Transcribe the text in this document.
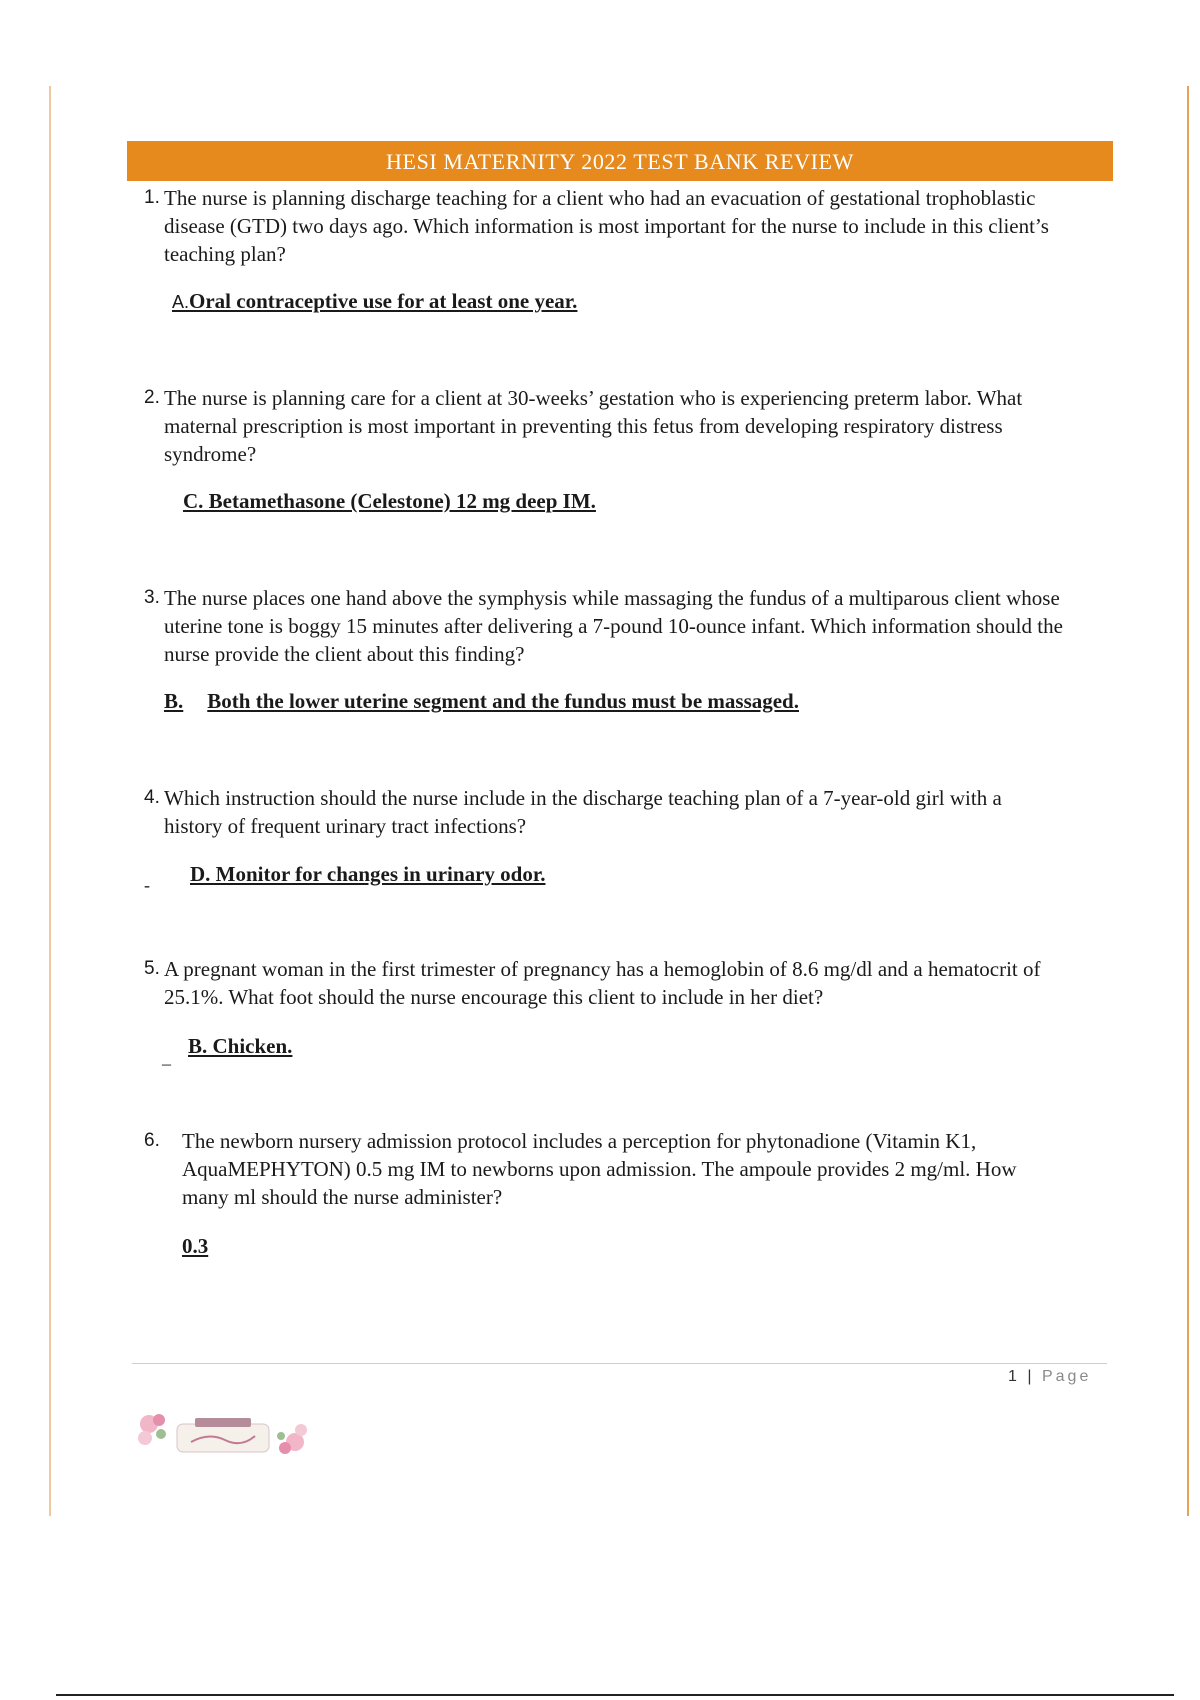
HESI MATERNITY 2022 TEST BANK REVIEW
1. The nurse is planning discharge teaching for a client who had an evacuation of gestational trophoblastic disease (GTD) two days ago. Which information is most important for the nurse to include in this client’s teaching plan?
A.Oral contraceptive use for at least one year.
2. The nurse is planning care for a client at 30-weeks’ gestation who is experiencing preterm labor. What maternal prescription is most important in preventing this fetus from developing respiratory distress syndrome?
C. Betamethasone (Celestone) 12 mg deep IM.
3. The nurse places one hand above the symphysis while massaging the fundus of a multiparous client whose uterine tone is boggy 15 minutes after delivering a 7-pound 10-ounce infant. Which information should the nurse provide the client about this finding?
B. Both the lower uterine segment and the fundus must be massaged.
4. Which instruction should the nurse include in the discharge teaching plan of a 7-year-old girl with a history of frequent urinary tract infections?
- D. Monitor for changes in urinary odor.
5. A pregnant woman in the first trimester of pregnancy has a hemoglobin of 8.6 mg/dl and a hematocrit of 25.1%. What foot should the nurse encourage this client to include in her diet?
_ B. Chicken.
6.	The newborn nursery admission protocol includes a perception for phytonadione (Vitamin K1, AquaMEPHYTON) 0.5 mg IM to newborns upon admission. The ampoule provides 2 mg/ml. How many ml should the nurse administer?
0.3
1 | Page
